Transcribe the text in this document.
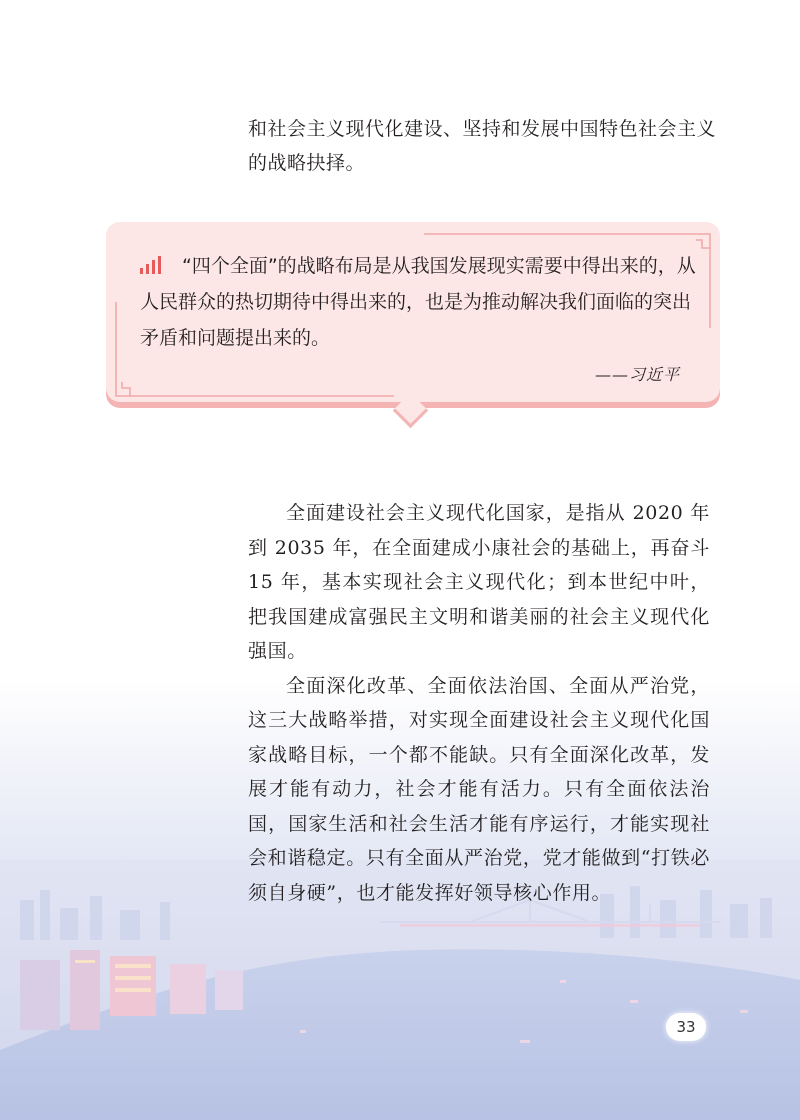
和社会主义现代化建设、坚持和发展中国特色社会主义的战略抉择。
“四个全面”的战略布局是从我国发展现实需要中得出来的，从人民群众的热切期待中得出来的，也是为推动解决我们面临的突出矛盾和问题提出来的。
——习近平

全面建设社会主义现代化国家，是指从 2020 年到 2035 年，在全面建成小康社会的基础上，再奋斗 15 年，基本实现社会主义现代化；到本世纪中叶，把我国建成富强民主文明和谐美丽的社会主义现代化强国。

全面深化改革、全面依法治国、全面从严治党，这三大战略举措，对实现全面建设社会主义现代化国家战略目标，一个都不能缺。只有全面深化改革，发展才能有动力，社会才能有活力。只有全面依法治国，国家生活和社会生活才能有序运行，才能实现社会和谐稳定。只有全面从严治党，党才能做到“打铁必须自身硬”，也才能发挥好领导核心作用。

33
